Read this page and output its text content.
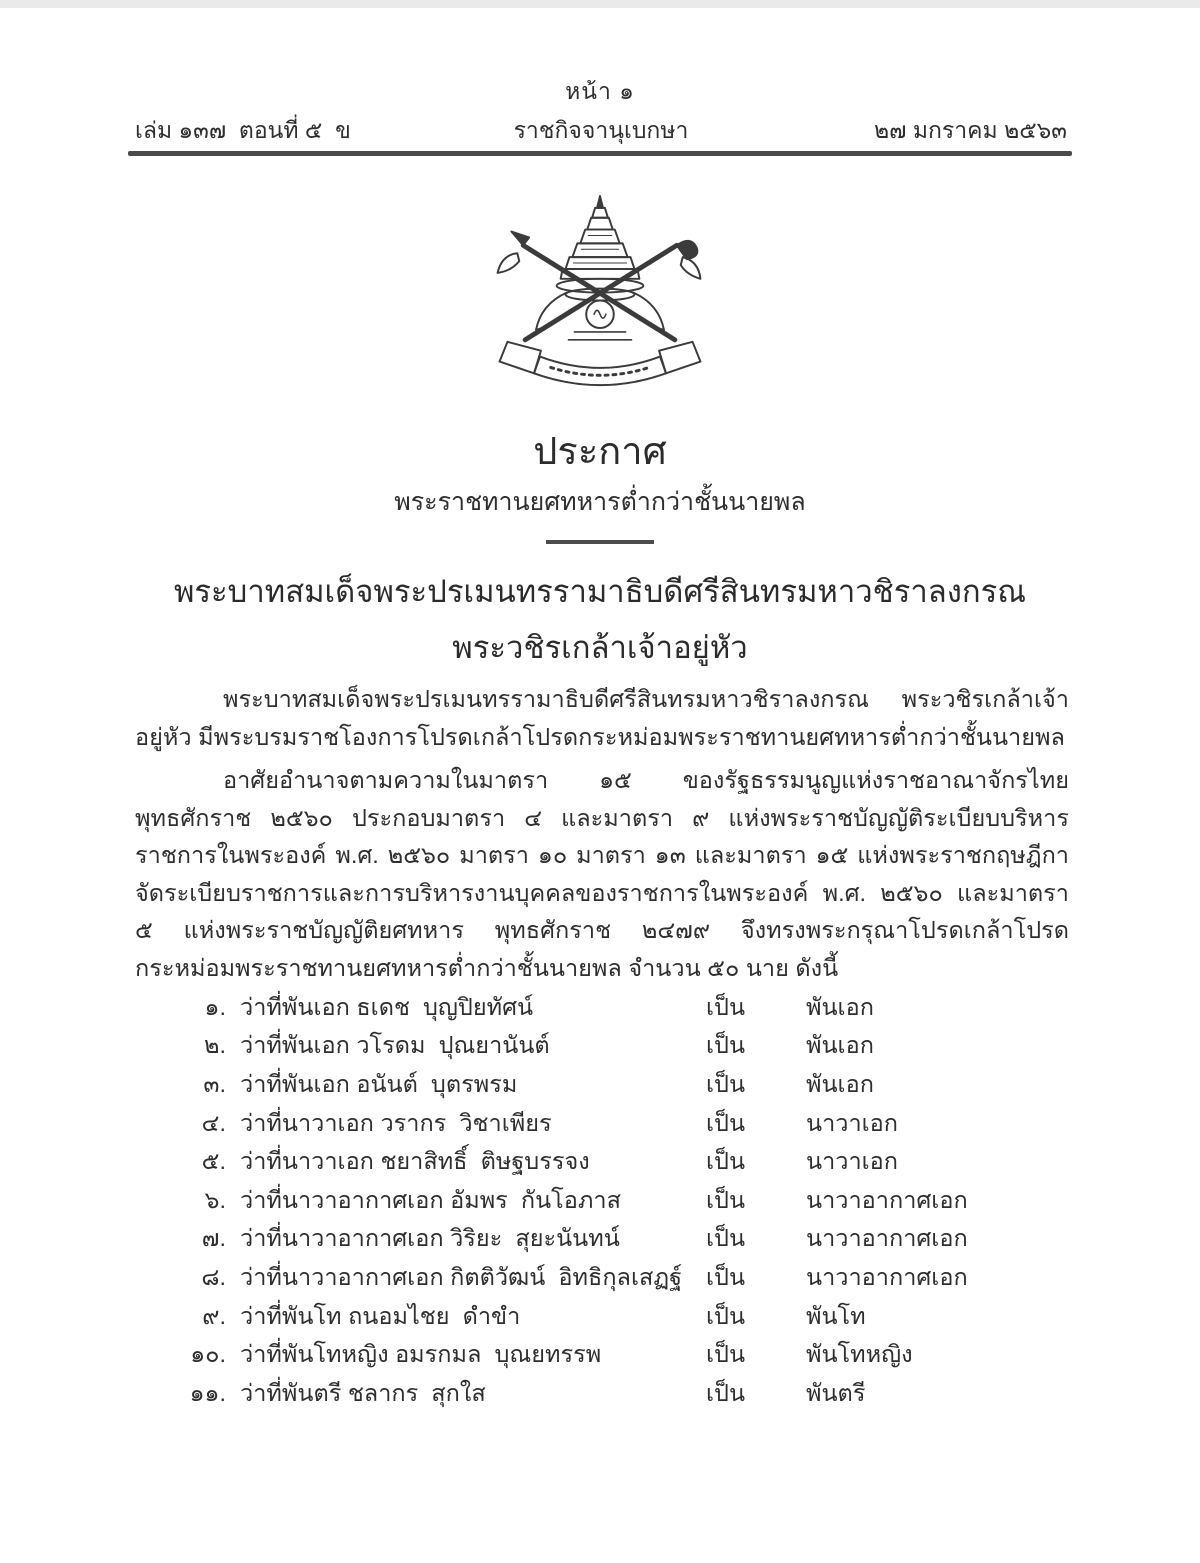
หน้า ๑
เล่ม ๑๓๗  ตอนที่ ๕  ข	ราชกิจจานุเบกษา	๒๗ มกราคม ๒๕๖๓
ประกาศ
พระราชทานยศทหารต่ำกว่าชั้นนายพล
พระบาทสมเด็จพระปรเมนทรรามาธิบดีศรีสินทรมหาวชิราลงกรณ
พระวชิรเกล้าเจ้าอยู่หัว
พระบาทสมเด็จพระปรเมนทรรามาธิบดีศรีสินทรมหาวชิราลงกรณ  พระวชิรเกล้าเจ้าอยู่หัว มีพระบรมราชโองการโปรดเกล้าโปรดกระหม่อมพระราชทานยศทหารต่ำกว่าชั้นนายพล
อาศัยอำนาจตามความในมาตรา ๑๕ ของรัฐธรรมนูญแห่งราชอาณาจักรไทย พุทธศักราช ๒๕๖๐ ประกอบมาตรา ๔ และมาตรา ๙ แห่งพระราชบัญญัติระเบียบบริหารราชการในพระองค์ พ.ศ. ๒๕๖๐ มาตรา ๑๐ มาตรา ๑๓ และมาตรา ๑๕ แห่งพระราชกฤษฎีกาจัดระเบียบราชการและการบริหารงานบุคคลของราชการในพระองค์ พ.ศ. ๒๕๖๐ และมาตรา ๕ แห่งพระราชบัญญัติยศทหาร พุทธศักราช ๒๔๗๙ จึงทรงพระกรุณาโปรดเกล้าโปรดกระหม่อมพระราชทานยศทหารต่ำกว่าชั้นนายพล จำนวน ๕๐ นาย ดังนี้
๑. ว่าที่พันเอก ธเดช  บุญปิยทัศน์	เป็น	พันเอก
๒. ว่าที่พันเอก วโรดม  ปุณยานันต์	เป็น	พันเอก
๓. ว่าที่พันเอก อนันต์  บุตรพรม	เป็น	พันเอก
๔. ว่าที่นาวาเอก วรากร  วิชาเพียร	เป็น	นาวาเอก
๕. ว่าที่นาวาเอก ชยาสิทธิ์  ติษฐบรรจง	เป็น	นาวาเอก
๖. ว่าที่นาวาอากาศเอก อัมพร  กันโอภาส	เป็น	นาวาอากาศเอก
๗. ว่าที่นาวาอากาศเอก วิริยะ  สุยะนันทน์	เป็น	นาวาอากาศเอก
๘. ว่าที่นาวาอากาศเอก กิตติวัฒน์  อิทธิกุลเสฏฐ์	เป็น	นาวาอากาศเอก
๙. ว่าที่พันโท ถนอมไชย  ดำขำ	เป็น	พันโท
๑๐. ว่าที่พันโทหญิง อมรกมล  บุณยทรรพ	เป็น	พันโทหญิง
๑๑. ว่าที่พันตรี ชลากร  สุกใส	เป็น	พันตรี
